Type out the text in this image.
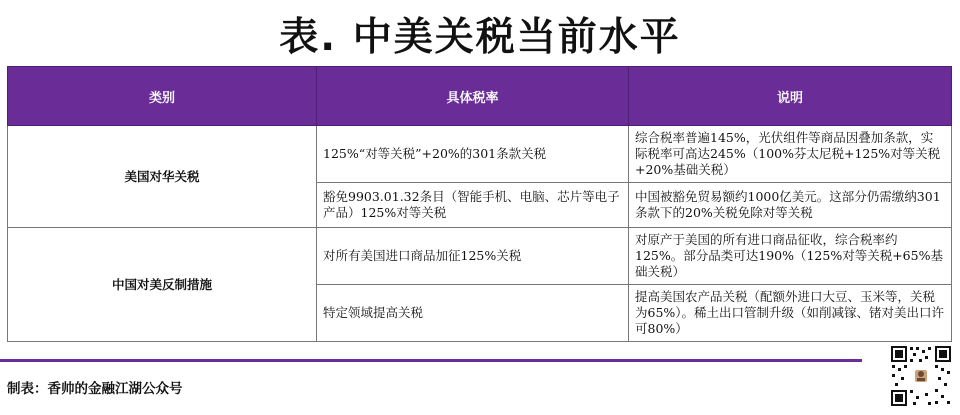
表. 中美关税当前水平
类别	具体税率	说明
美国对华关税	125%“对等关税”+20%的301条款关税	综合税率普遍145%，光伏组件等商品因叠加条款，实际税率可高达245%（100%芬太尼税+125%对等关税+20%基础关税）
	豁免9903.01.32条目（智能手机、电脑、芯片等电子产品）125%对等关税	中国被豁免贸易额约1000亿美元。这部分仍需缴纳301条款下的20%关税免除对等关税
中国对美反制措施	对所有美国进口商品加征125%关税	对原产于美国的所有进口商品征收，综合税率约125%。部分品类可达190%（125%对等关税+65%基础关税）
	特定领域提高关税	提高美国农产品关税（配额外进口大豆、玉米等，关税为65%）。稀土出口管制升级（如削减镓、锗对美出口许可80%）
制表：香帅的金融江湖公众号
